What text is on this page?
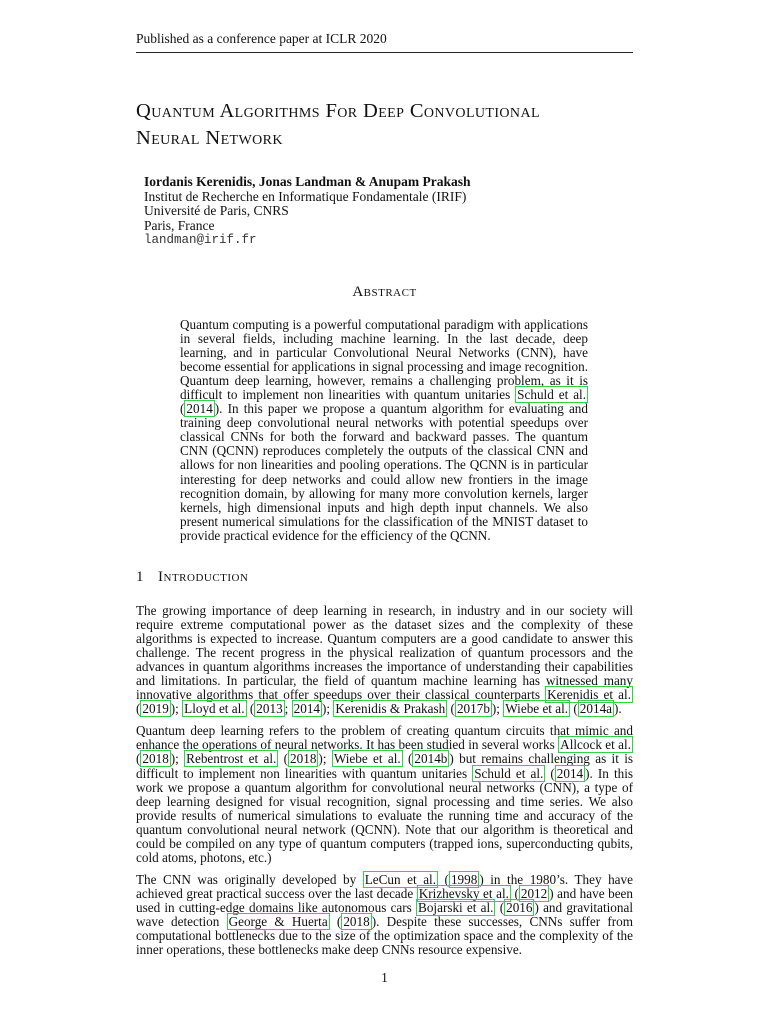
Published as a conference paper at ICLR 2020
Quantum Algorithms For Deep Convolutional
Neural Network
Iordanis Kerenidis, Jonas Landman & Anupam Prakash
Institut de Recherche en Informatique Fondamentale (IRIF)
Université de Paris, CNRS
Paris, France
landman@irif.fr
Abstract
Quantum computing is a powerful computational paradigm with applications in several fields, including machine learning. In the last decade, deep learning, and in particular Convolutional Neural Networks (CNN), have become essential for applications in signal processing and image recognition. Quantum deep learning, however, remains a challenging problem, as it is difficult to implement non linearities with quantum unitaries Schuld et al. ( 2014 ). In this paper we propose a quantum algorithm for evaluating and training deep convolutional neural networks with potential speedups over classical CNNs for both the forward and backward passes. The quantum CNN (QCNN) reproduces completely the outputs of the classical CNN and allows for non linearities and pooling operations. The QCNN is in particular interesting for deep networks and could allow new frontiers in the image recognition domain, by allowing for many more convolution kernels, larger kernels, high dimensional inputs and high depth input channels. We also present numerical simulations for the classification of the MNIST dataset to provide practical evidence for the efficiency of the QCNN.
1 Introduction

The growing importance of deep learning in research, in industry and in our society will require extreme computational power as the dataset sizes and the complexity of these algorithms is expected to increase. Quantum computers are a good candidate to answer this challenge. The recent progress in the physical realization of quantum processors and the advances in quantum algorithms increases the importance of understanding their capabilities and limitations. In particular, the field of quantum machine learning has witnessed many innovative algorithms that offer speedups over their classical counterparts Kerenidis et al. ( 2019 ); Lloyd et al. ( 2013 ; 2014 ); Kerenidis & Prakash ( 2017b ); Wiebe et al. ( 2014a ).

Quantum deep learning refers to the problem of creating quantum circuits that mimic and enhance the operations of neural networks. It has been studied in several works Allcock et al. ( 2018 ); Rebentrost et al. ( 2018 ); Wiebe et al. ( 2014b ) but remains challenging as it is difficult to implement non linearities with quantum unitaries Schuld et al. ( 2014 ). In this work we propose a quantum algorithm for convolutional neural networks (CNN), a type of deep learning designed for visual recognition, signal processing and time series. We also provide results of numerical simulations to evaluate the running time and accuracy of the quantum convolutional neural network (QCNN). Note that our algorithm is theoretical and could be compiled on any type of quantum computers (trapped ions, superconducting qubits, cold atoms, photons, etc.)

The CNN was originally developed by LeCun et al. ( 1998 ) in the 1980’s. They have achieved great practical success over the last decade Krizhevsky et al. ( 2012 ) and have been used in cutting-edge domains like autonomous cars Bojarski et al. ( 2016 ) and gravitational wave detection George & Huerta ( 2018 ). Despite these successes, CNNs suffer from computational bottlenecks due to the size of the optimization space and the complexity of the inner operations, these bottlenecks make deep CNNs resource expensive.

1
